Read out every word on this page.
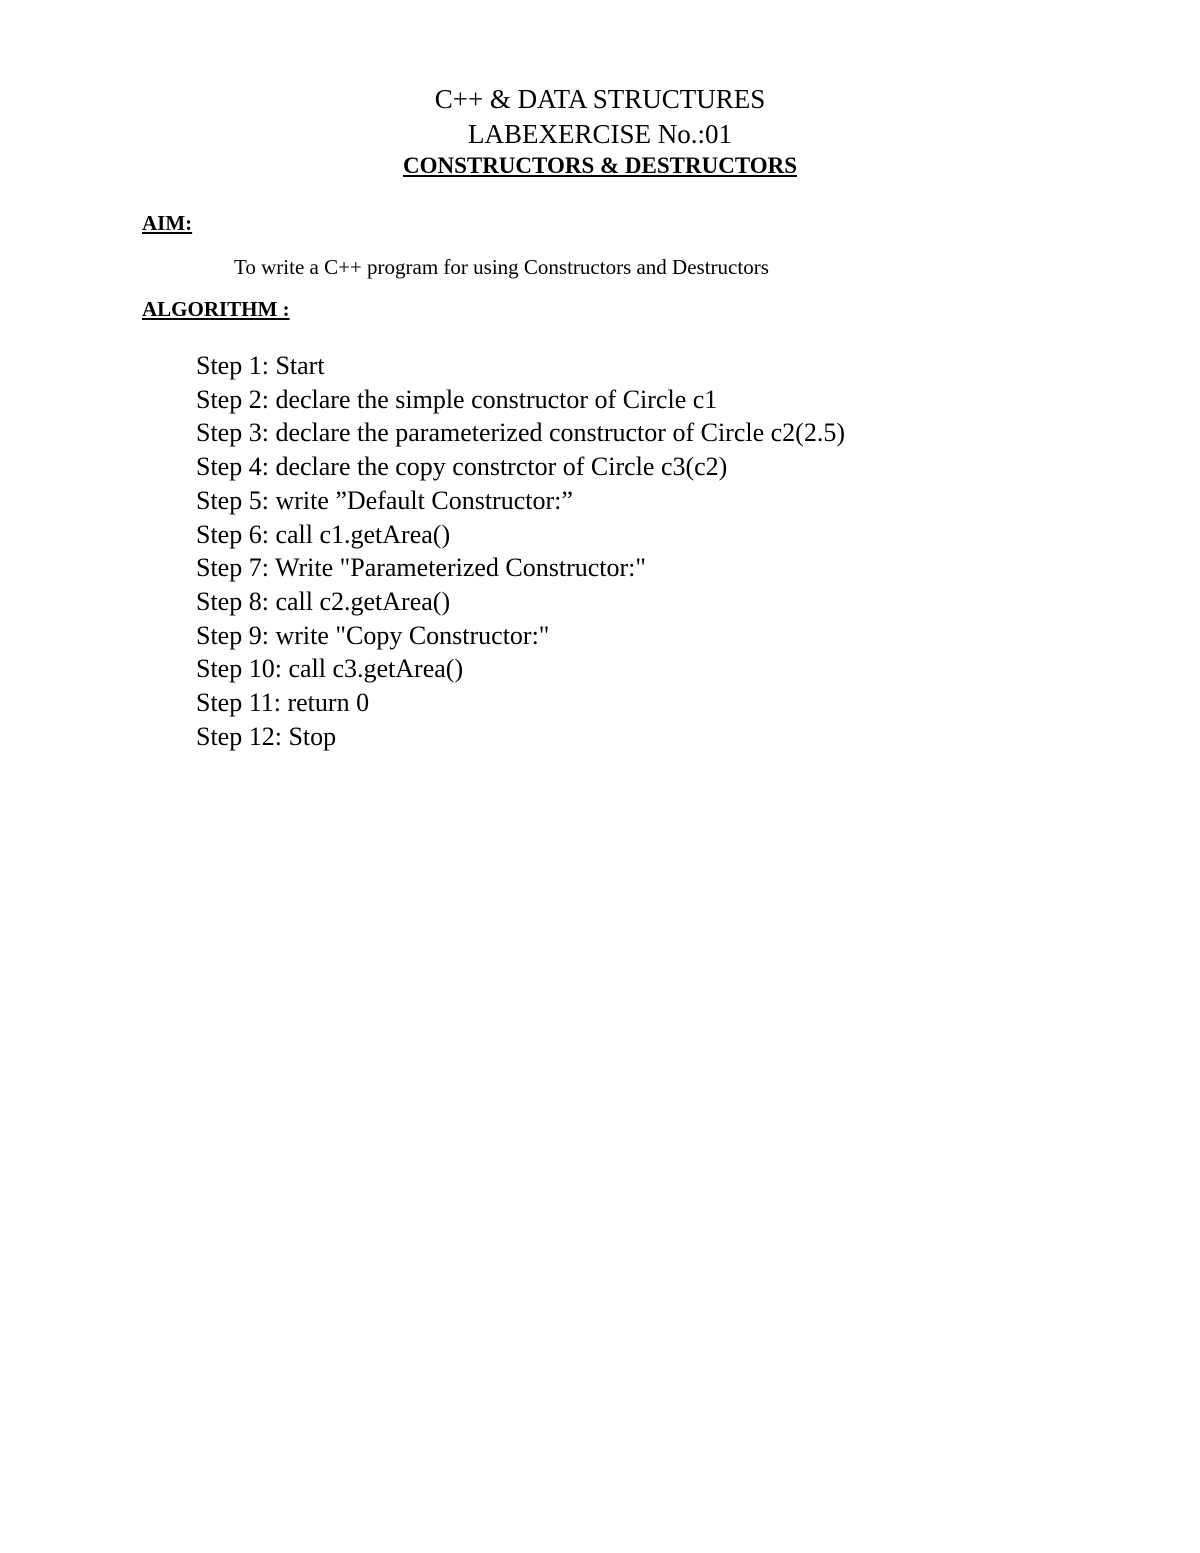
C++ & DATA STRUCTURES
LABEXERCISE No.:01
CONSTRUCTORS & DESTRUCTORS
AIM:
To write a C++ program for using Constructors and Destructors
ALGORITHM :
Step 1: Start
Step 2: declare the simple constructor of Circle c1
Step 3: declare the parameterized constructor of Circle c2(2.5)
Step 4: declare the copy constrctor of Circle c3(c2)
Step 5: write ”Default Constructor:”
Step 6: call c1.getArea()
Step 7: Write "Parameterized Constructor:"
Step 8: call c2.getArea()
Step 9: write "Copy Constructor:"
Step 10: call c3.getArea()
Step 11: return 0
Step 12: Stop
